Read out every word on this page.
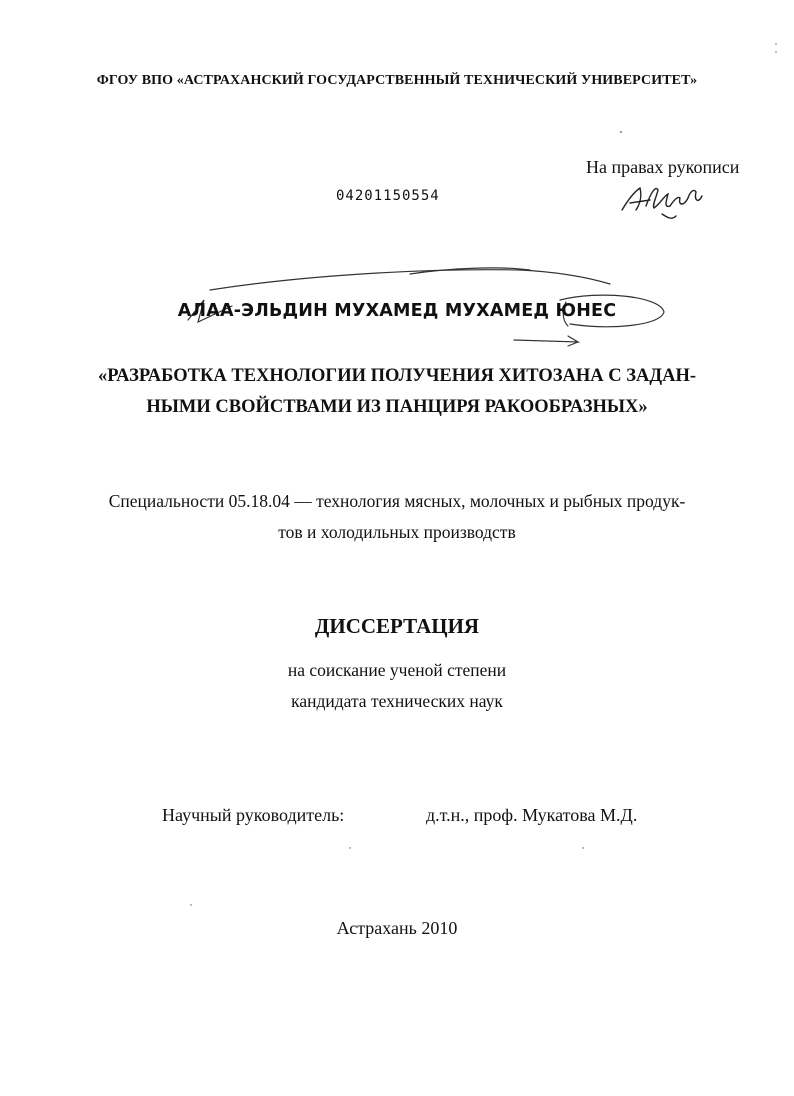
ФГОУ ВПО «АСТРАХАНСКИЙ ГОСУДАРСТВЕННЫЙ ТЕХНИЧЕСКИЙ УНИВЕРСИТЕТ»

На правах рукописи

04201150554

АЛАА-ЭЛЬДИН МУХАМЕД МУХАМЕД ЮНЕС

«РАЗРАБОТКА ТЕХНОЛОГИИ ПОЛУЧЕНИЯ ХИТОЗАНА С ЗАДАН-

НЫМИ СВОЙСТВАМИ ИЗ ПАНЦИРЯ РАКООБРАЗНЫХ»

Специальности 05.18.04 — технология мясных, молочных и рыбных продук-

тов и холодильных производств

ДИССЕРТАЦИЯ

на соискание ученой степени

кандидата технических наук

Научный руководитель:	д.т.н., проф. Мукатова М.Д.

Астрахань 2010
